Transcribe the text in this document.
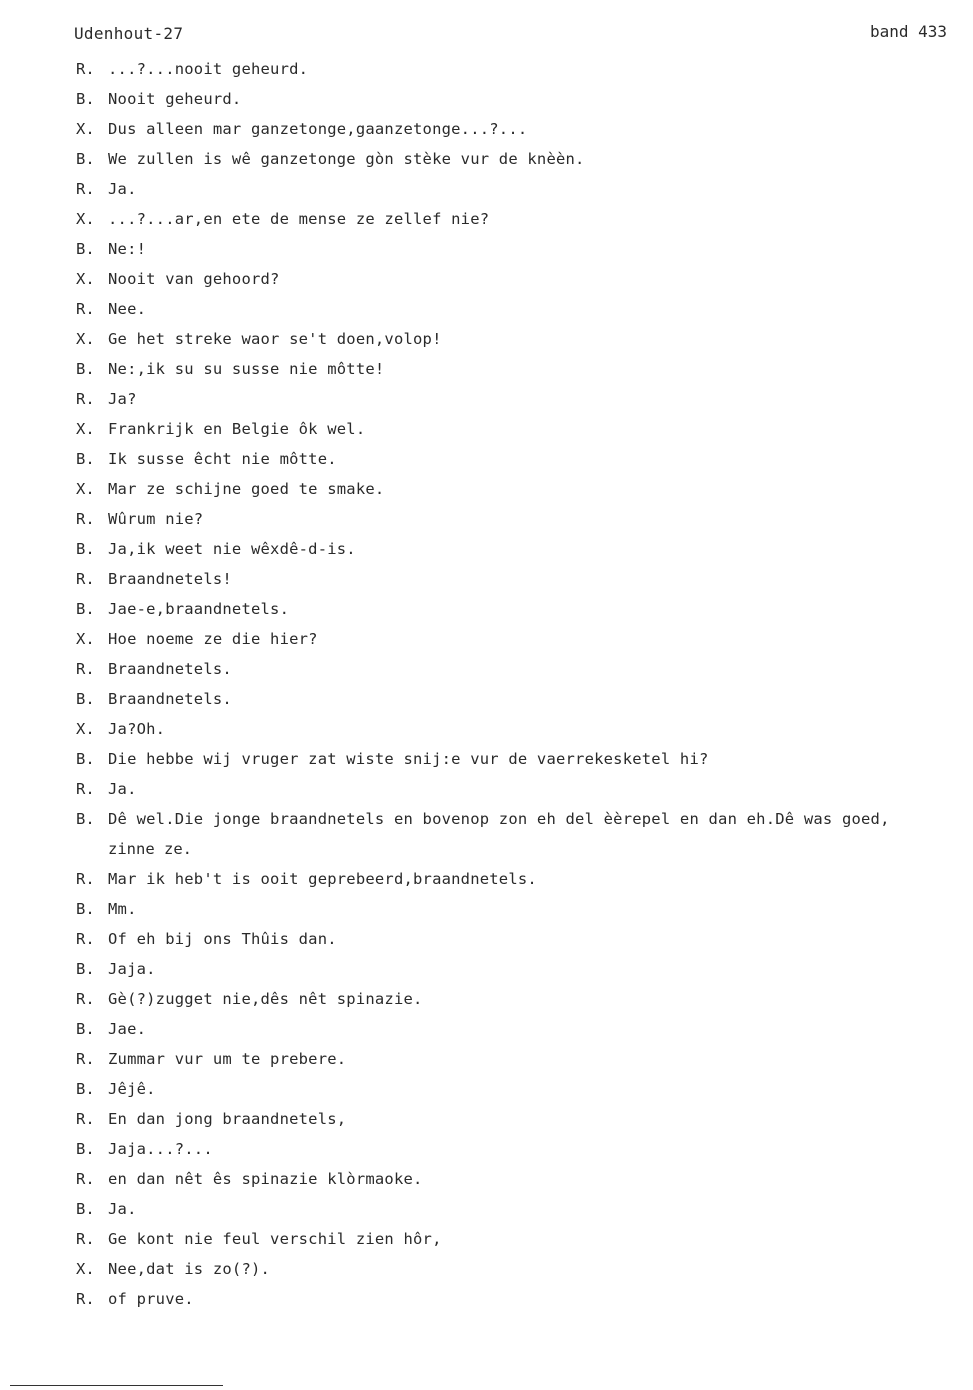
Udenhout-27	band 433
R. ...?...nooit geheurd.
B. Nooit geheurd.
X. Dus alleen mar ganzetonge,gaanzetonge...?...
B. We zullen is wê ganzetonge gòn stèke vur de knèèn.
R. Ja.
X. ...?...ar,en ete de mense ze zellef nie?
B. Ne:!
X. Nooit van gehoord?
R. Nee.
X. Ge het streke waor se't doen,volop!
B. Ne:,ik su su susse nie môtte!
R. Ja?
X. Frankrijk en Belgie ôk wel.
B. Ik susse êcht nie môtte.
X. Mar ze schijne goed te smake.
R. Wûrum nie?
B. Ja,ik weet nie wêxdê-d-is.
R. Braandnetels!
B. Jae-e,braandnetels.
X. Hoe noeme ze die hier?
R. Braandnetels.
B. Braandnetels.
X. Ja?Oh.
B. Die hebbe wij vruger zat wiste snij:e vur de vaerrekesketel hi?
R. Ja.
B. Dê wel.Die jonge braandnetels en bovenop zon eh del èèrepel en dan eh.Dê was goed,
zinne ze.
R. Mar ik heb't is ooit geprebeerd,braandnetels.
B. Mm.
R. Of eh bij ons Thûis dan.
B. Jaja.
R. Gè(?)zugget nie,dês nêt spinazie.
B. Jae.
R. Zummar vur um te prebere.
B. Jêjê.
R. En dan jong braandnetels,
B. Jaja...?...
R. en dan nêt ês spinazie klòrmaoke.
B. Ja.
R. Ge kont nie feul verschil zien hôr,
X. Nee,dat is zo(?).
R. of pruve.
